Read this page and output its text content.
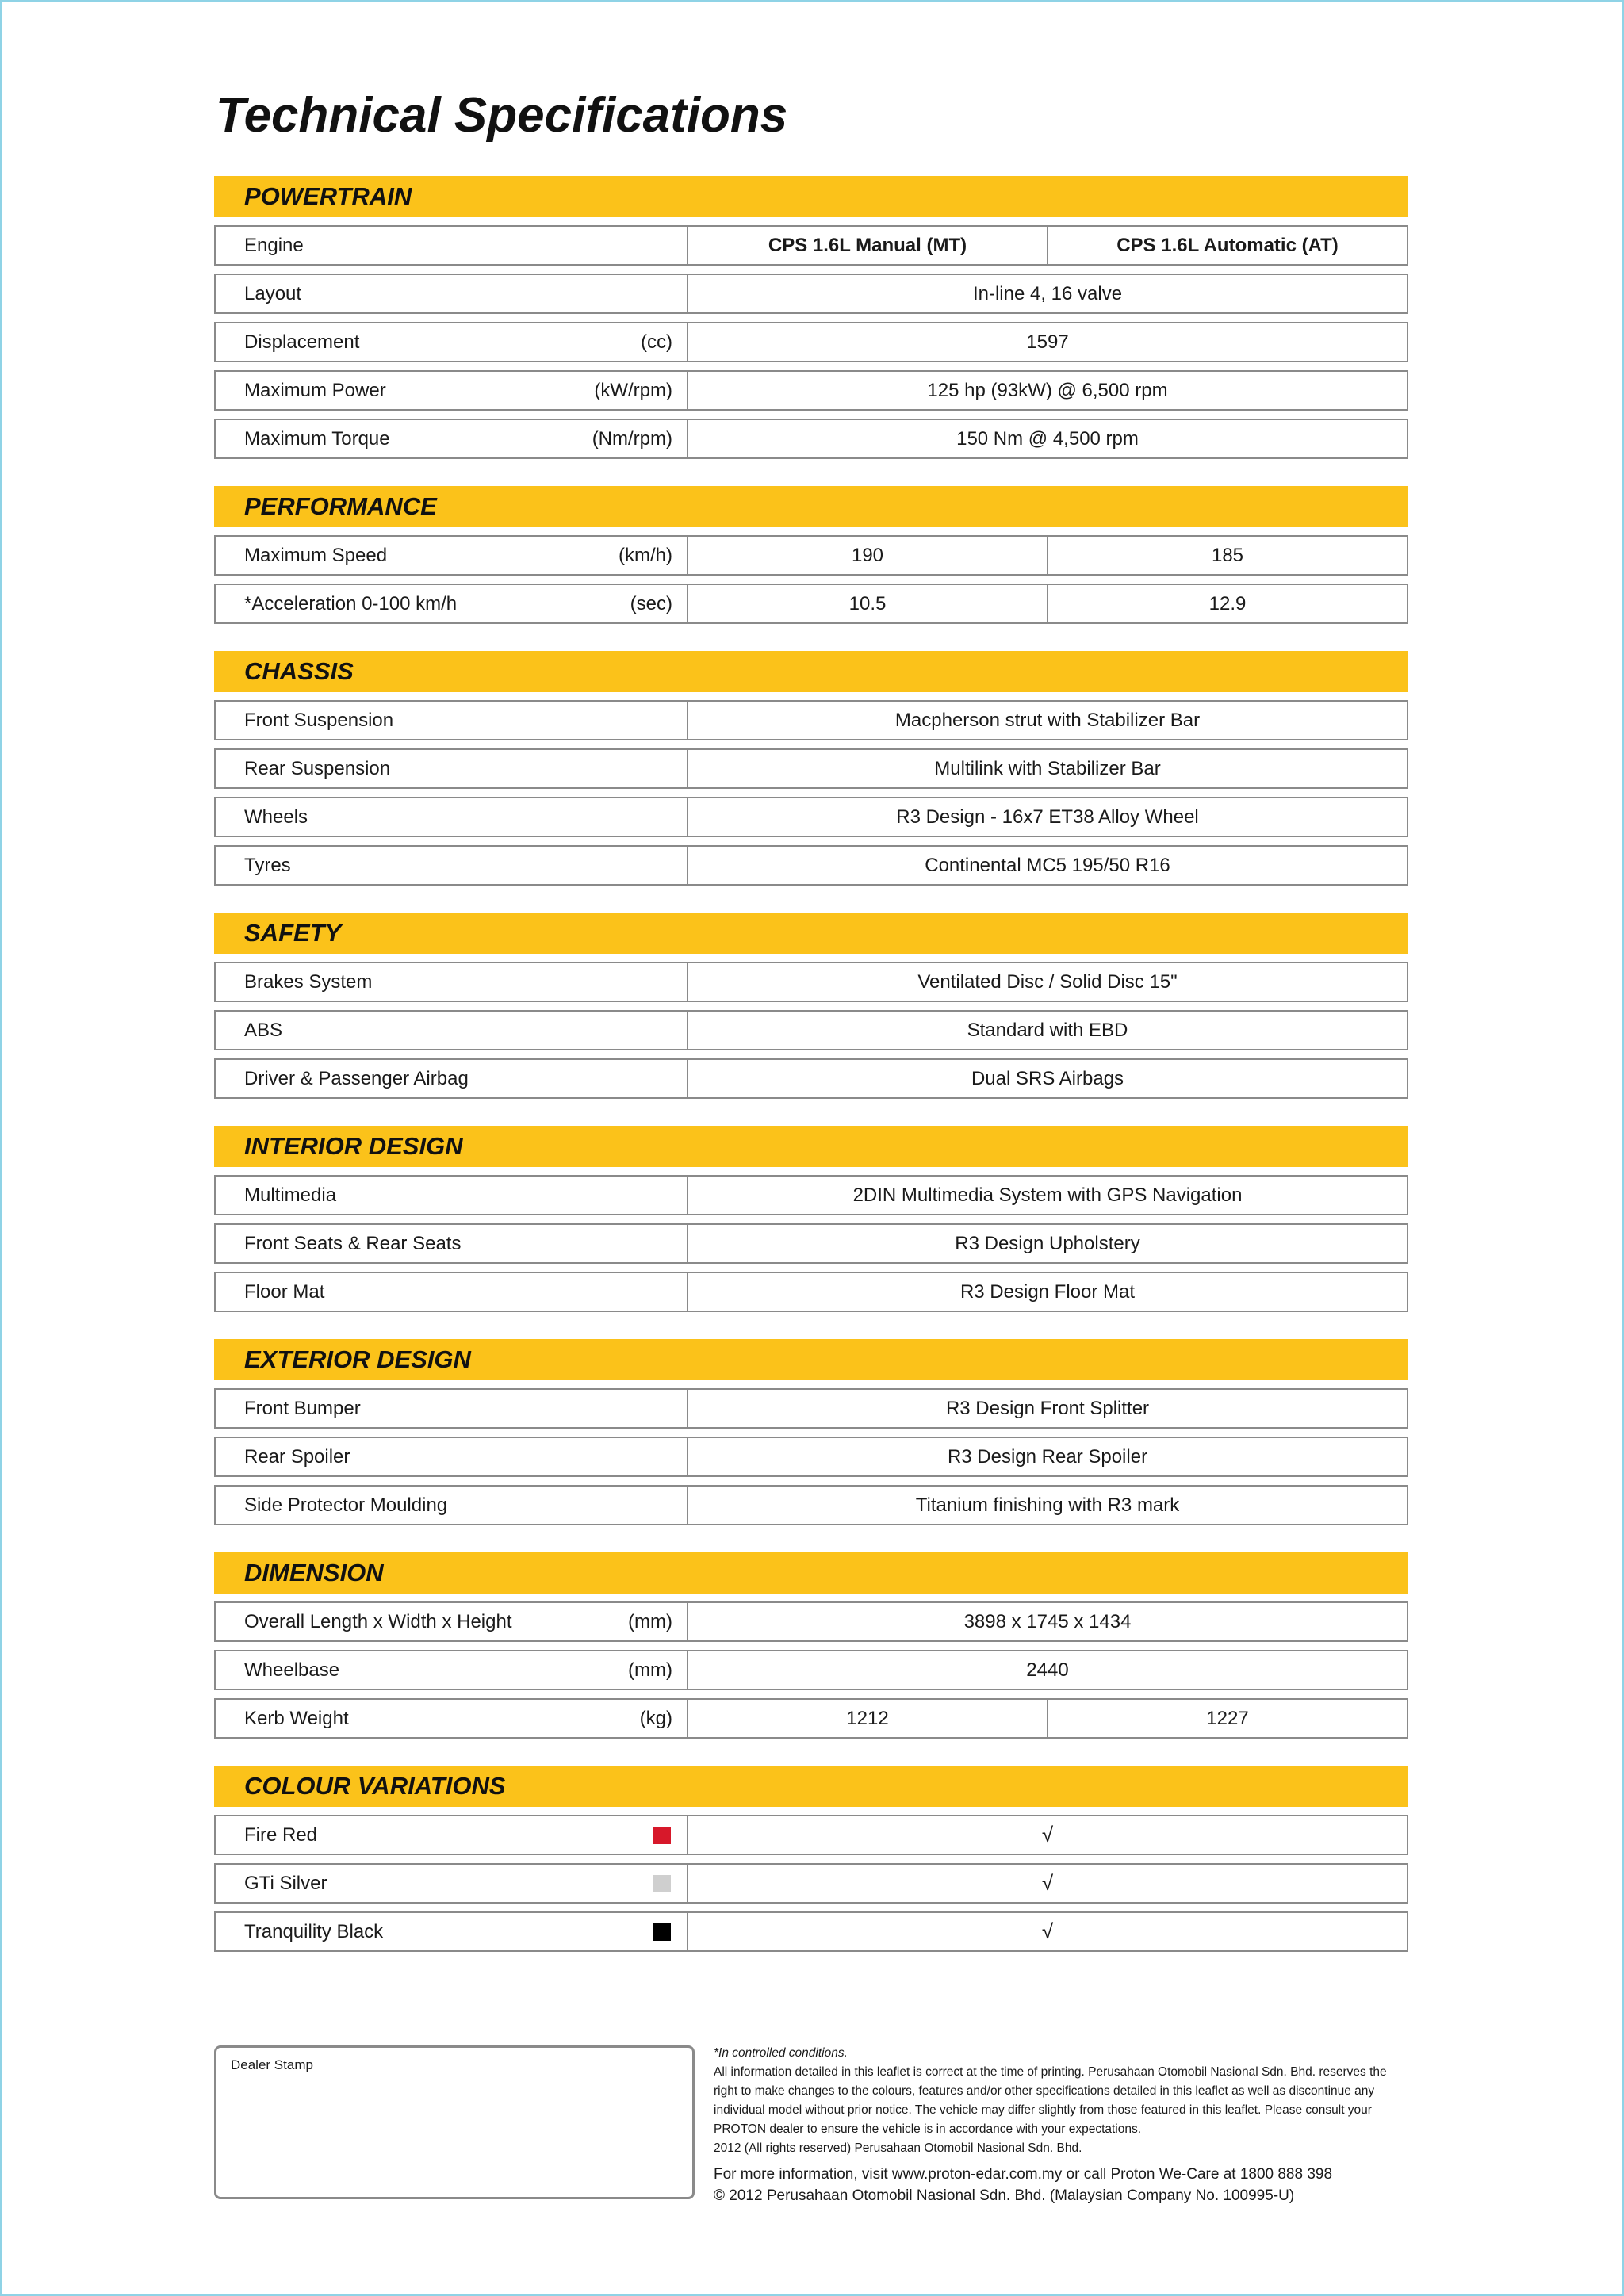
Technical Specifications
POWERTRAIN
Engine	CPS 1.6L Manual (MT)	CPS 1.6L Automatic (AT)
Layout	In-line 4, 16 valve
Displacement	(cc)	1597
Maximum Power	(kW/rpm)	125 hp (93kW) @ 6,500 rpm
Maximum Torque	(Nm/rpm)	150 Nm @ 4,500 rpm
PERFORMANCE
Maximum Speed	(km/h)	190	185
*Acceleration 0-100 km/h	(sec)	10.5	12.9
CHASSIS
Front Suspension	Macpherson strut with Stabilizer Bar
Rear Suspension	Multilink with Stabilizer Bar
Wheels	R3 Design - 16x7 ET38 Alloy Wheel
Tyres	Continental MC5 195/50 R16
SAFETY
Brakes System	Ventilated Disc / Solid Disc 15"
ABS	Standard with EBD
Driver & Passenger Airbag	Dual SRS Airbags
INTERIOR DESIGN
Multimedia	2DIN Multimedia System with GPS Navigation
Front Seats & Rear Seats	R3 Design Upholstery
Floor Mat	R3 Design Floor Mat
EXTERIOR DESIGN
Front Bumper	R3 Design Front Splitter
Rear Spoiler	R3 Design Rear Spoiler
Side Protector Moulding	Titanium finishing with R3 mark
DIMENSION
Overall Length x Width x Height	(mm)	3898 x 1745 x 1434
Wheelbase	(mm)	2440
Kerb Weight	(kg)	1212	1227
COLOUR VARIATIONS
Fire Red	√
GTi Silver	√
Tranquility Black	√
Dealer Stamp
*In controlled conditions.
All information detailed in this leaflet is correct at the time of printing. Perusahaan Otomobil Nasional Sdn. Bhd. reserves the right to make changes to the colours, features and/or other specifications detailed in this leaflet as well as discontinue any individual model without prior notice. The vehicle may differ slightly from those featured in this leaflet. Please consult your PROTON dealer to ensure the vehicle is in accordance with your expectations.
2012 (All rights reserved) Perusahaan Otomobil Nasional Sdn. Bhd.
For more information, visit www.proton-edar.com.my or call Proton We-Care at 1800 888 398
© 2012 Perusahaan Otomobil Nasional Sdn. Bhd. (Malaysian Company No. 100995-U)
